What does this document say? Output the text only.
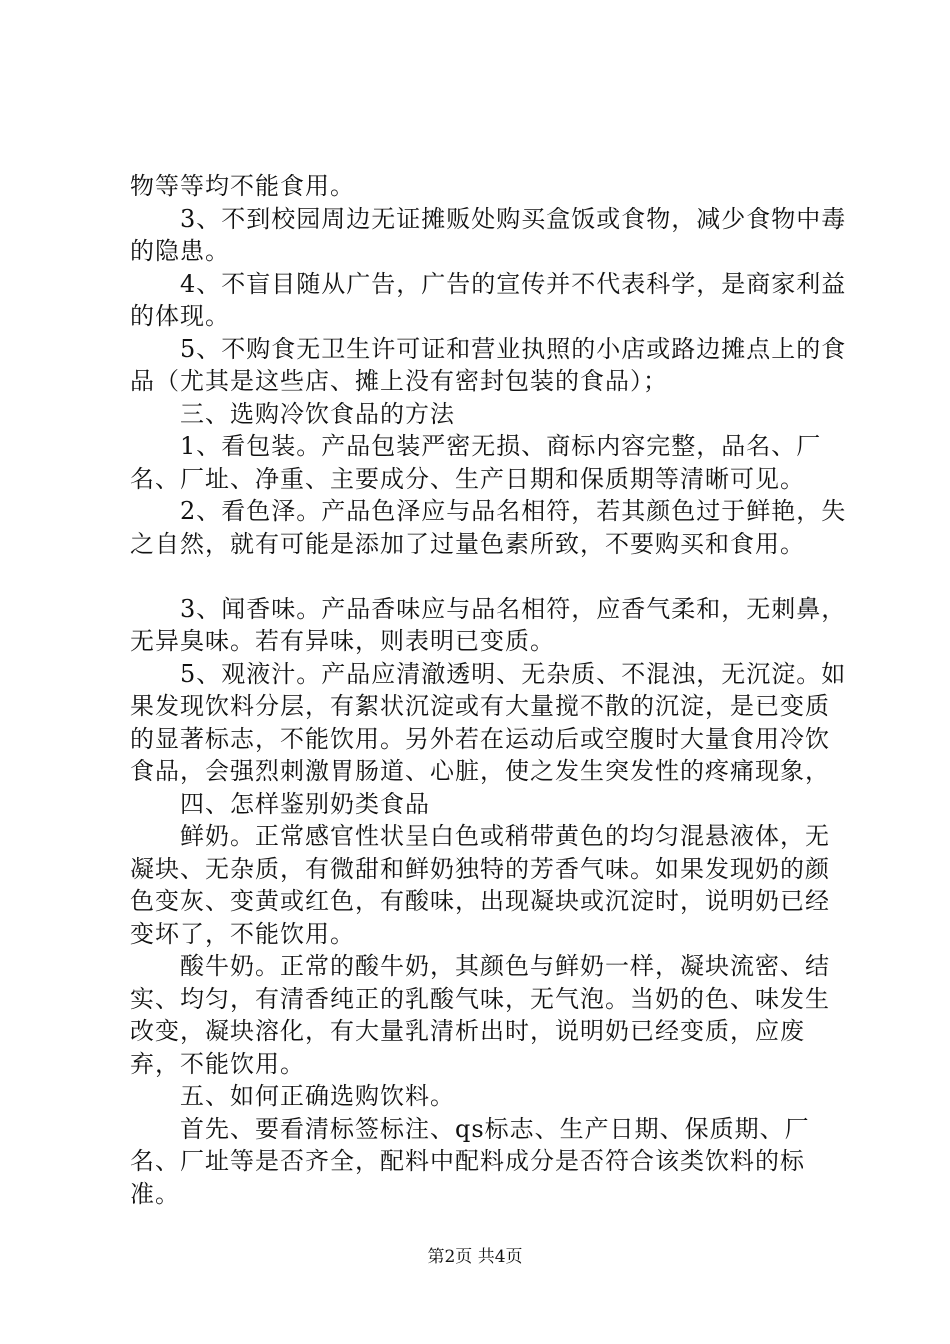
物等等均不能食用。

3、不到校园周边无证摊贩处购买盒饭或食物，减少食物中毒的隐患。

4、不盲目随从广告，广告的宣传并不代表科学，是商家利益的体现。

5、不购食无卫生许可证和营业执照的小店或路边摊点上的食品（尤其是这些店、摊上没有密封包装的食品）；

三、选购冷饮食品的方法

1、看包装。产品包装严密无损、商标内容完整，品名、厂名、厂址、净重、主要成分、生产日期和保质期等清晰可见。

2、看色泽。产品色泽应与品名相符，若其颜色过于鲜艳，失之自然，就有可能是添加了过量色素所致，不要购买和食用。

3、闻香味。产品香味应与品名相符，应香气柔和，无刺鼻，无异臭味。若有异味，则表明已变质。

5、观液汁。产品应清澈透明、无杂质、不混浊，无沉淀。如果发现饮料分层，有絮状沉淀或有大量搅不散的沉淀，是已变质的显著标志，不能饮用。另外若在运动后或空腹时大量食用冷饮食品，会强烈刺激胃肠道、心脏，使之发生突发性的疼痛现象，

四、怎样鉴别奶类食品

鲜奶。正常感官性状呈白色或稍带黄色的均匀混悬液体，无凝块、无杂质，有微甜和鲜奶独特的芳香气味。如果发现奶的颜色变灰、变黄或红色，有酸味，出现凝块或沉淀时，说明奶已经变坏了，不能饮用。

酸牛奶。正常的酸牛奶，其颜色与鲜奶一样，凝块流密、结实、均匀，有清香纯正的乳酸气味，无气泡。当奶的色、味发生改变，凝块溶化，有大量乳清析出时，说明奶已经变质，应废弃，不能饮用。

五、如何正确选购饮料。

首先、要看清标签标注、qs标志、生产日期、保质期、厂名、厂址等是否齐全，配料中配料成分是否符合该类饮料的标准。

第2页 共4页
